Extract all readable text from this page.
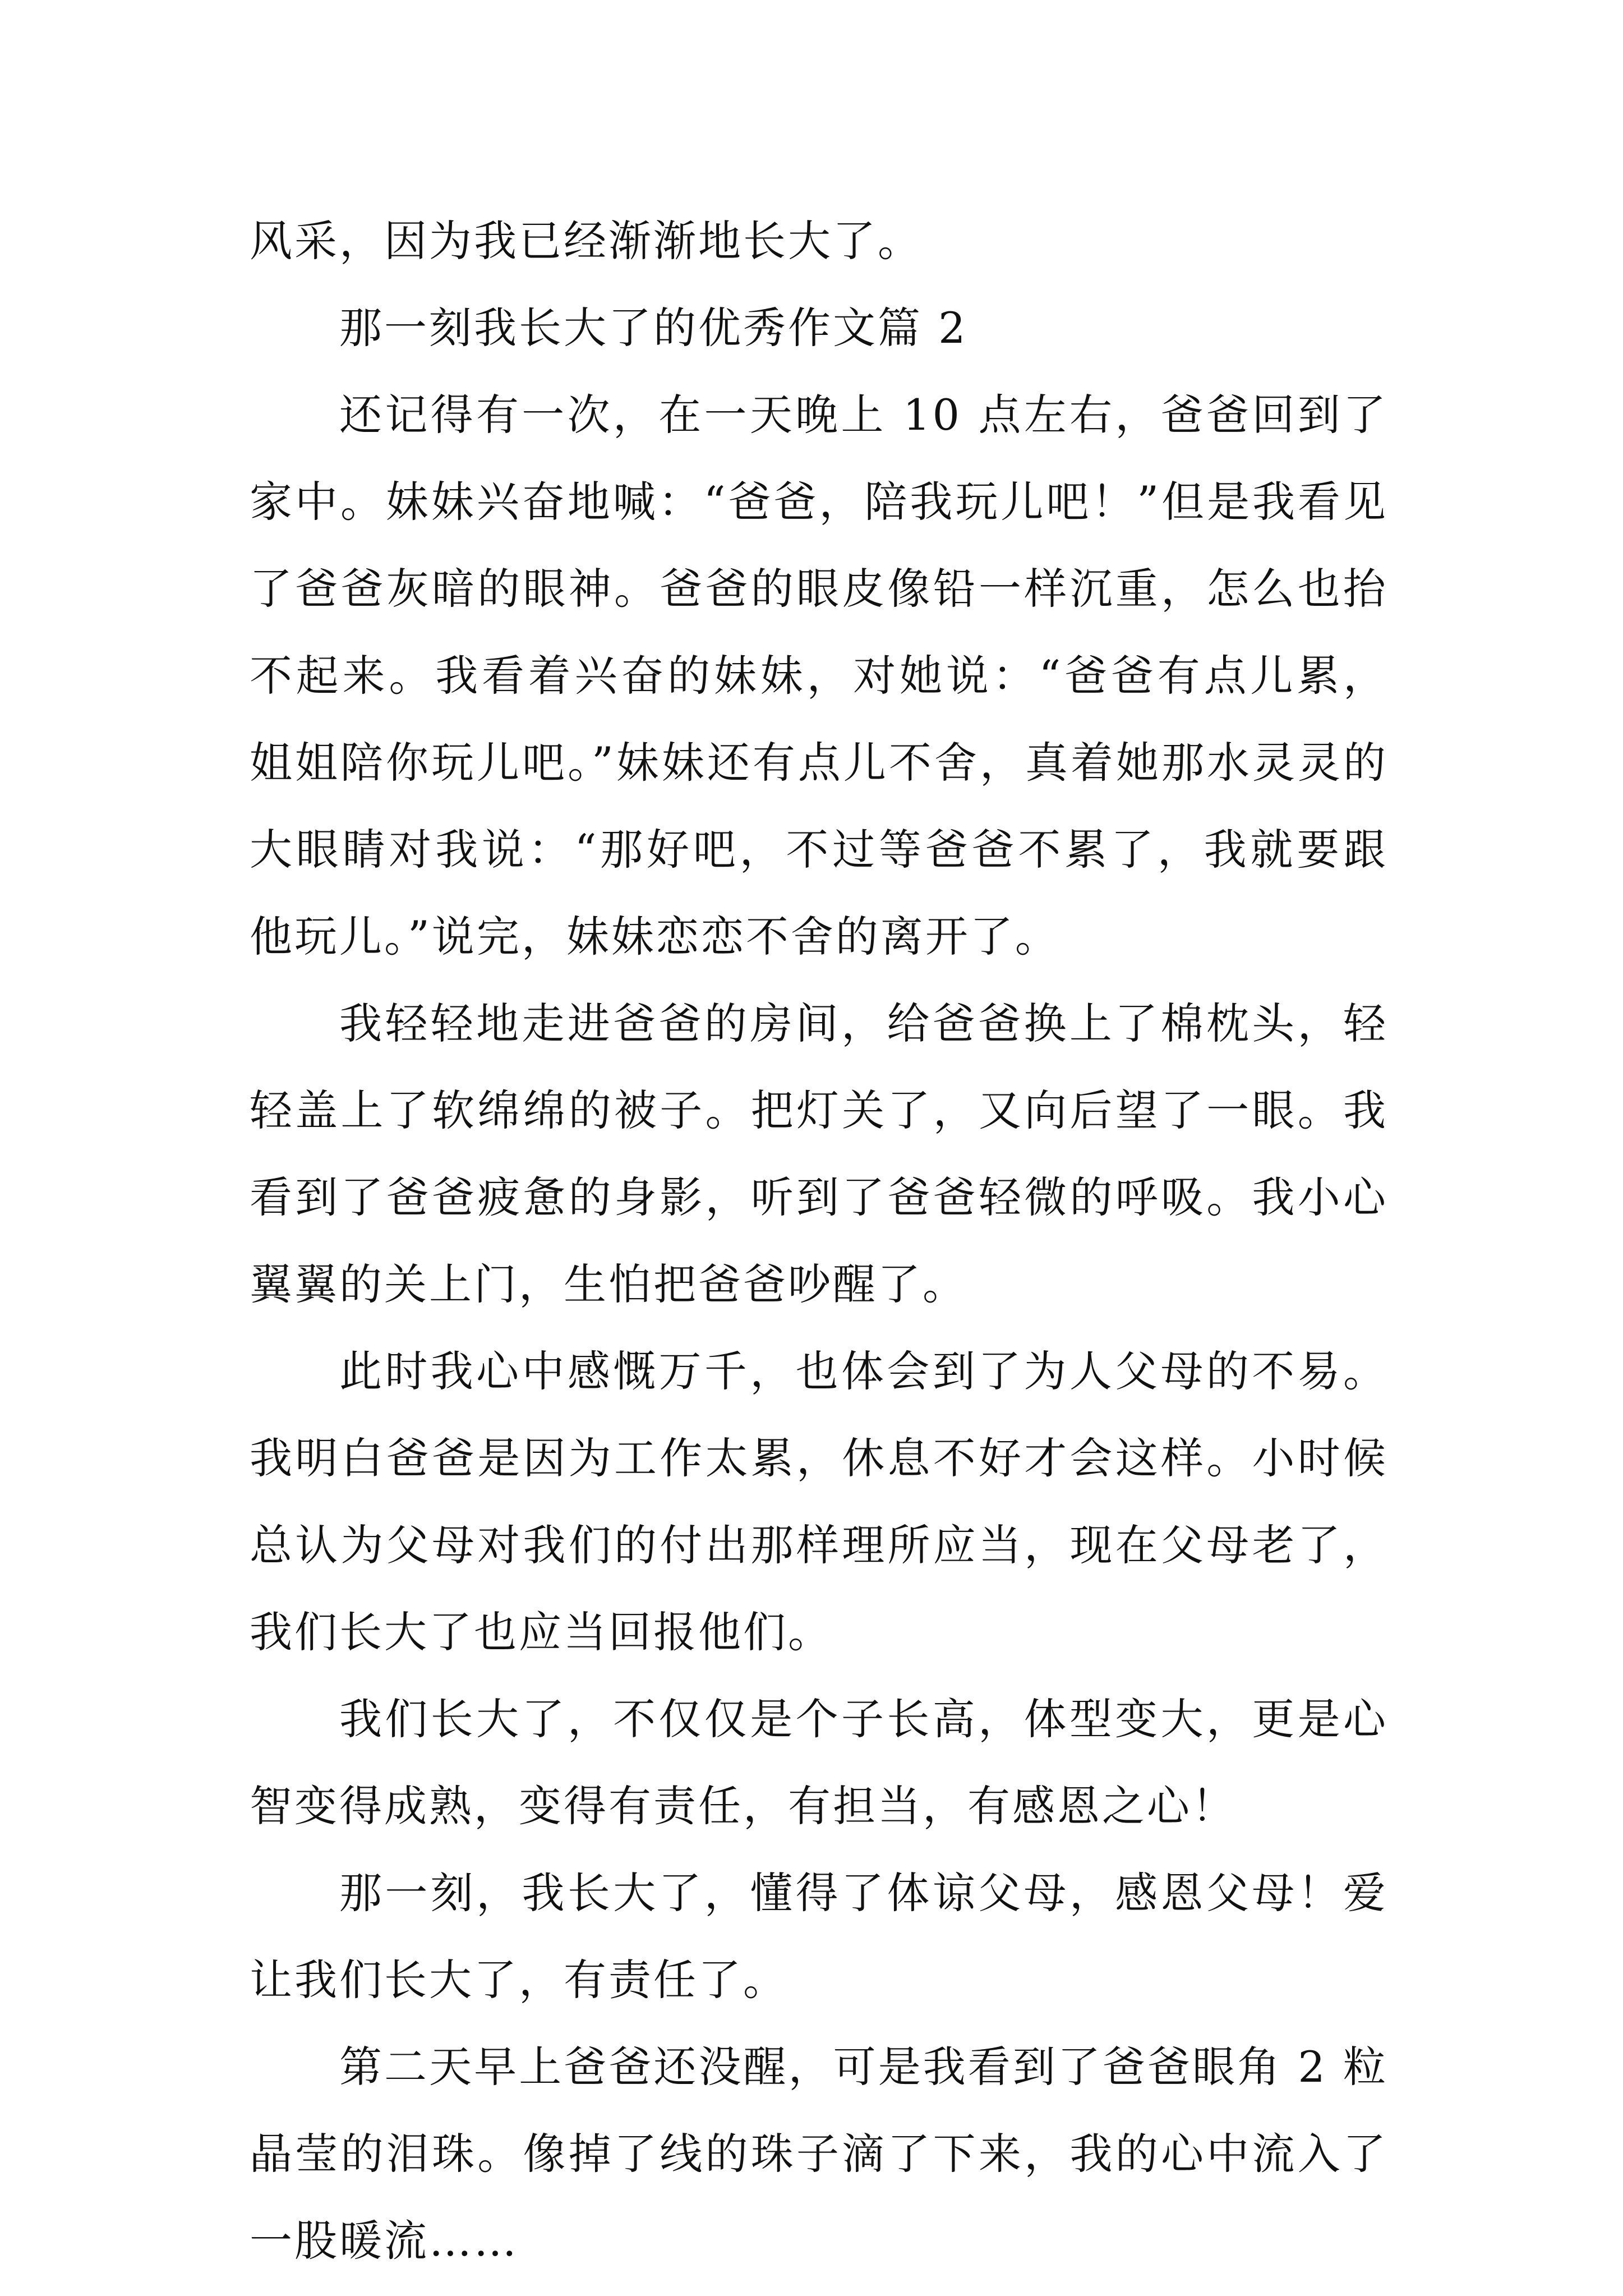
风采，因为我已经渐渐地长大了。

那一刻我长大了的优秀作文篇 2

还记得有一次，在一天晚上 10 点左右，爸爸回到了家中。妹妹兴奋地喊：“爸爸，陪我玩儿吧！”但是我看见了爸爸灰暗的眼神。爸爸的眼皮像铅一样沉重，怎么也抬不起来。我看着兴奋的妹妹，对她说：“爸爸有点儿累，姐姐陪你玩儿吧。”妹妹还有点儿不舍，真着她那水灵灵的大眼睛对我说：“那好吧，不过等爸爸不累了，我就要跟他玩儿。”说完，妹妹恋恋不舍的离开了。

我轻轻地走进爸爸的房间，给爸爸换上了棉枕头，轻轻盖上了软绵绵的被子。把灯关了，又向后望了一眼。我看到了爸爸疲惫的身影，听到了爸爸轻微的呼吸。我小心翼翼的关上门，生怕把爸爸吵醒了。

此时我心中感慨万千，也体会到了为人父母的不易。我明白爸爸是因为工作太累，休息不好才会这样。小时候总认为父母对我们的付出那样理所应当，现在父母老了，我们长大了也应当回报他们。

我们长大了，不仅仅是个子长高，体型变大，更是心智变得成熟，变得有责任，有担当，有感恩之心！

那一刻，我长大了，懂得了体谅父母，感恩父母！爱让我们长大了，有责任了。

第二天早上爸爸还没醒，可是我看到了爸爸眼角 2 粒晶莹的泪珠。像掉了线的珠子滴了下来，我的心中流入了一股暖流……
